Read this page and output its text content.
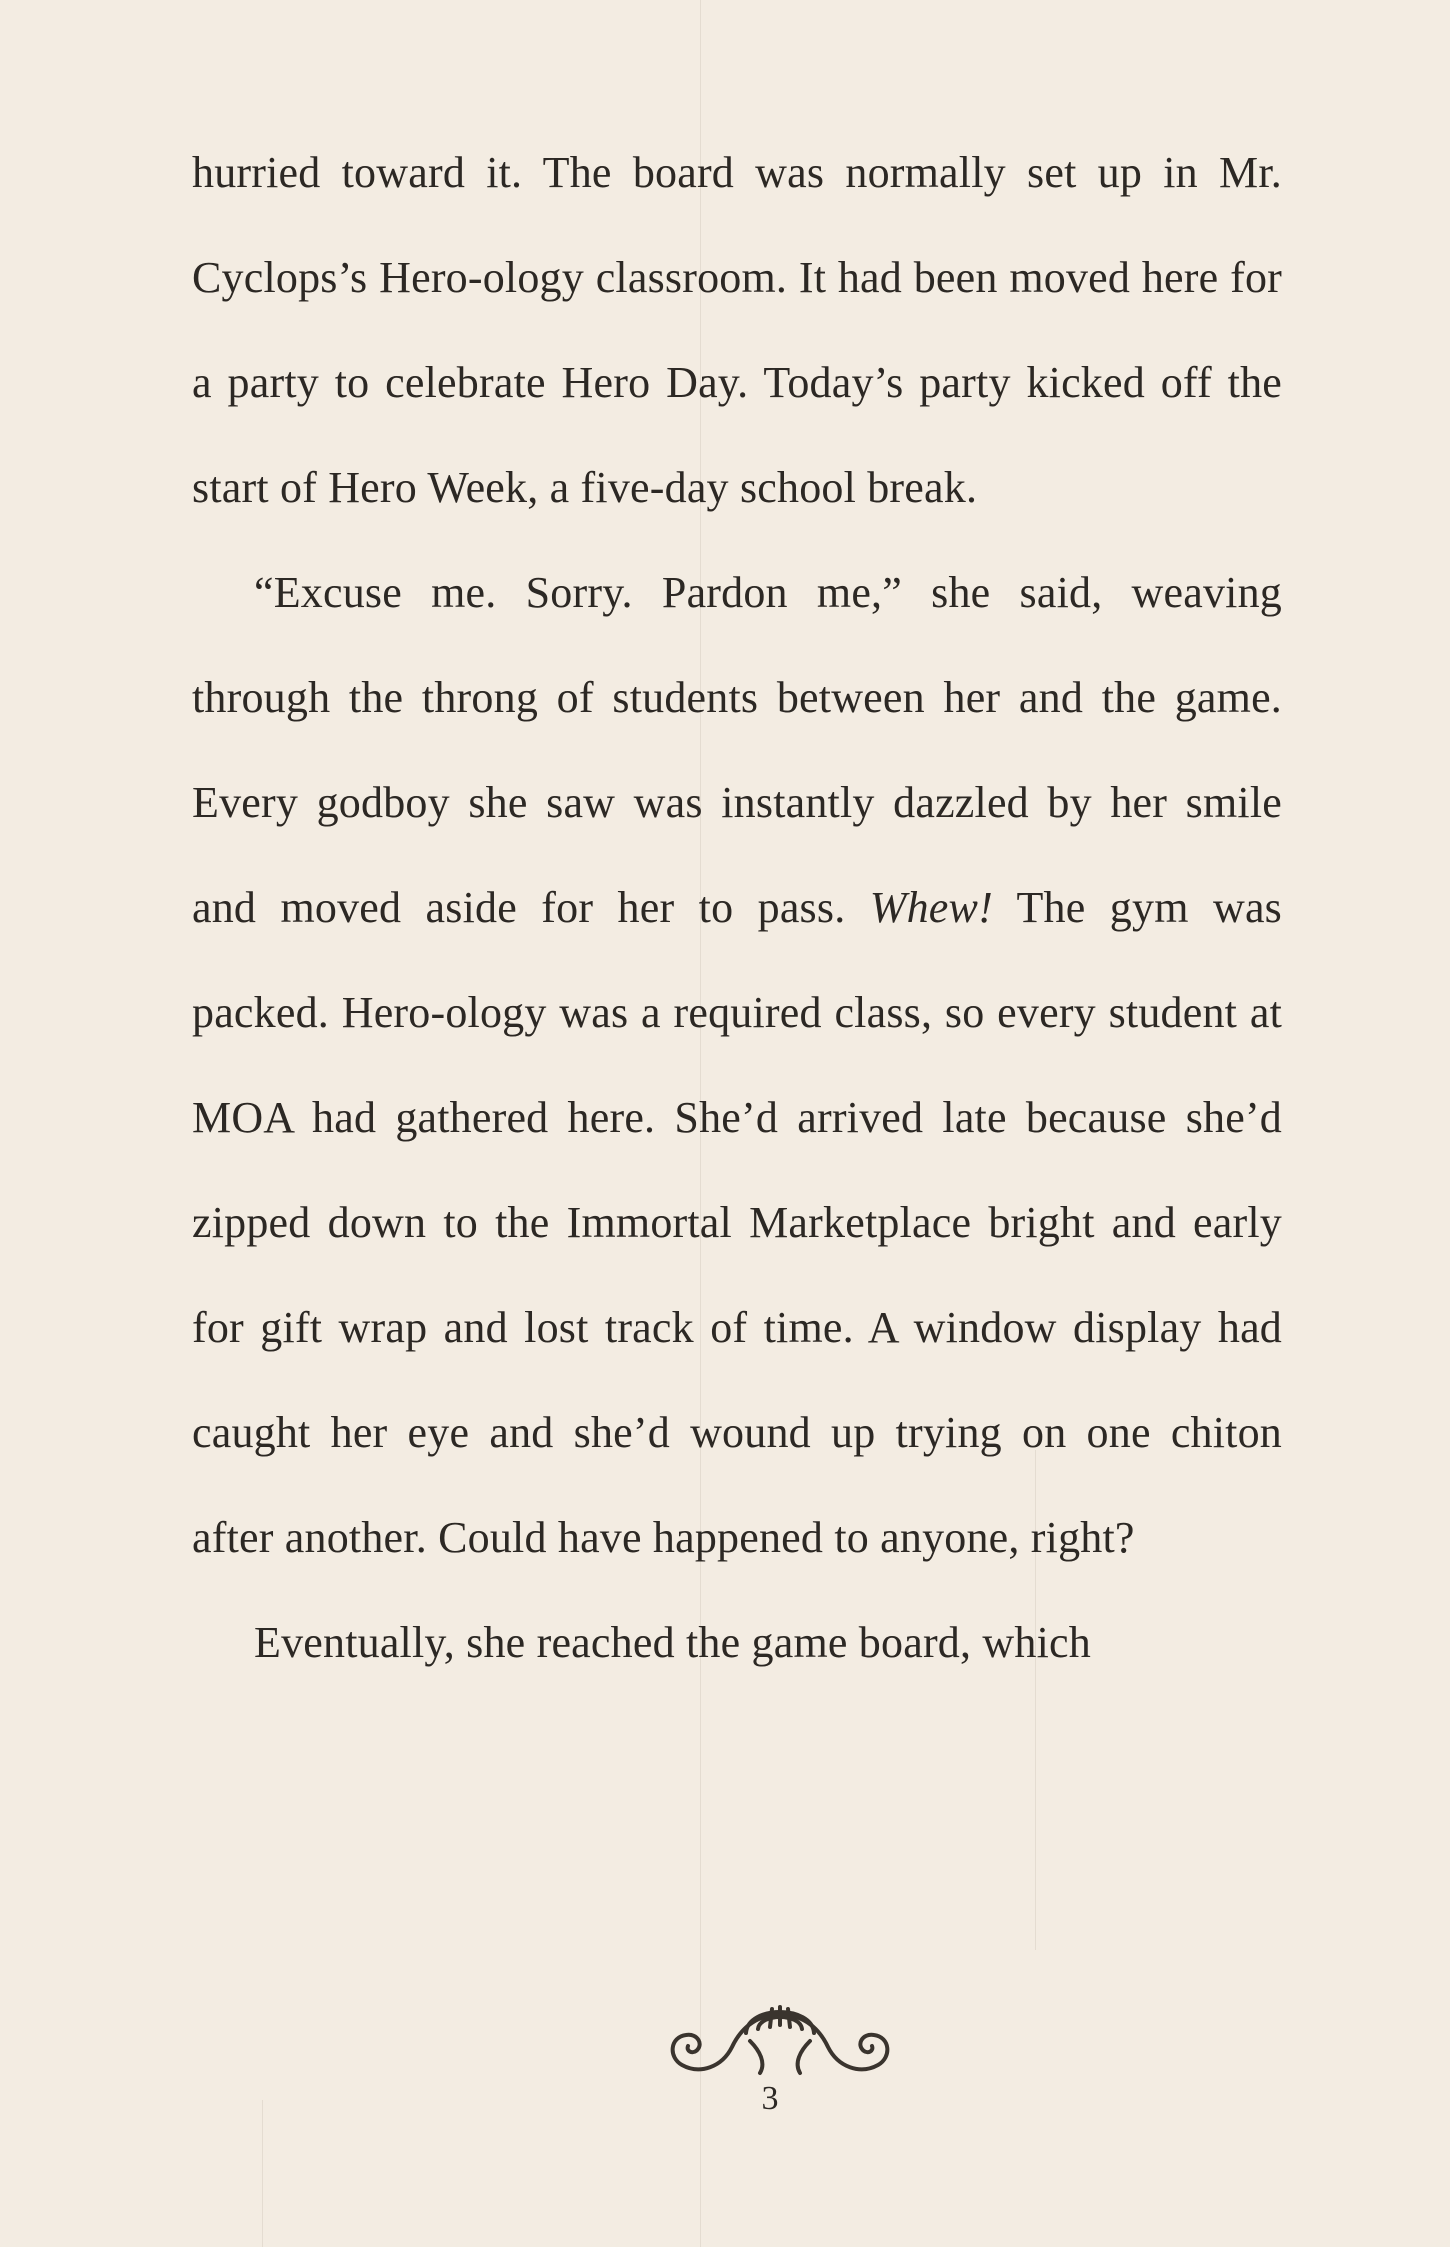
hurried toward it. The board was normally set up in Mr. Cyclops’s Hero-ology classroom. It had been moved here for a party to celebrate Hero Day. Today’s party kicked off the start of Hero Week, a five-day school break.

“Excuse me. Sorry. Pardon me,” she said, weaving through the throng of students between her and the game. Every godboy she saw was instantly dazzled by her smile and moved aside for her to pass. Whew! The gym was packed. Hero-ology was a required class, so every student at MOA had gathered here. She’d arrived late because she’d zipped down to the Immortal Marketplace bright and early for gift wrap and lost track of time. A window display had caught her eye and she’d wound up trying on one chiton after another. Could have happened to anyone, right?

Eventually, she reached the game board, which

3
